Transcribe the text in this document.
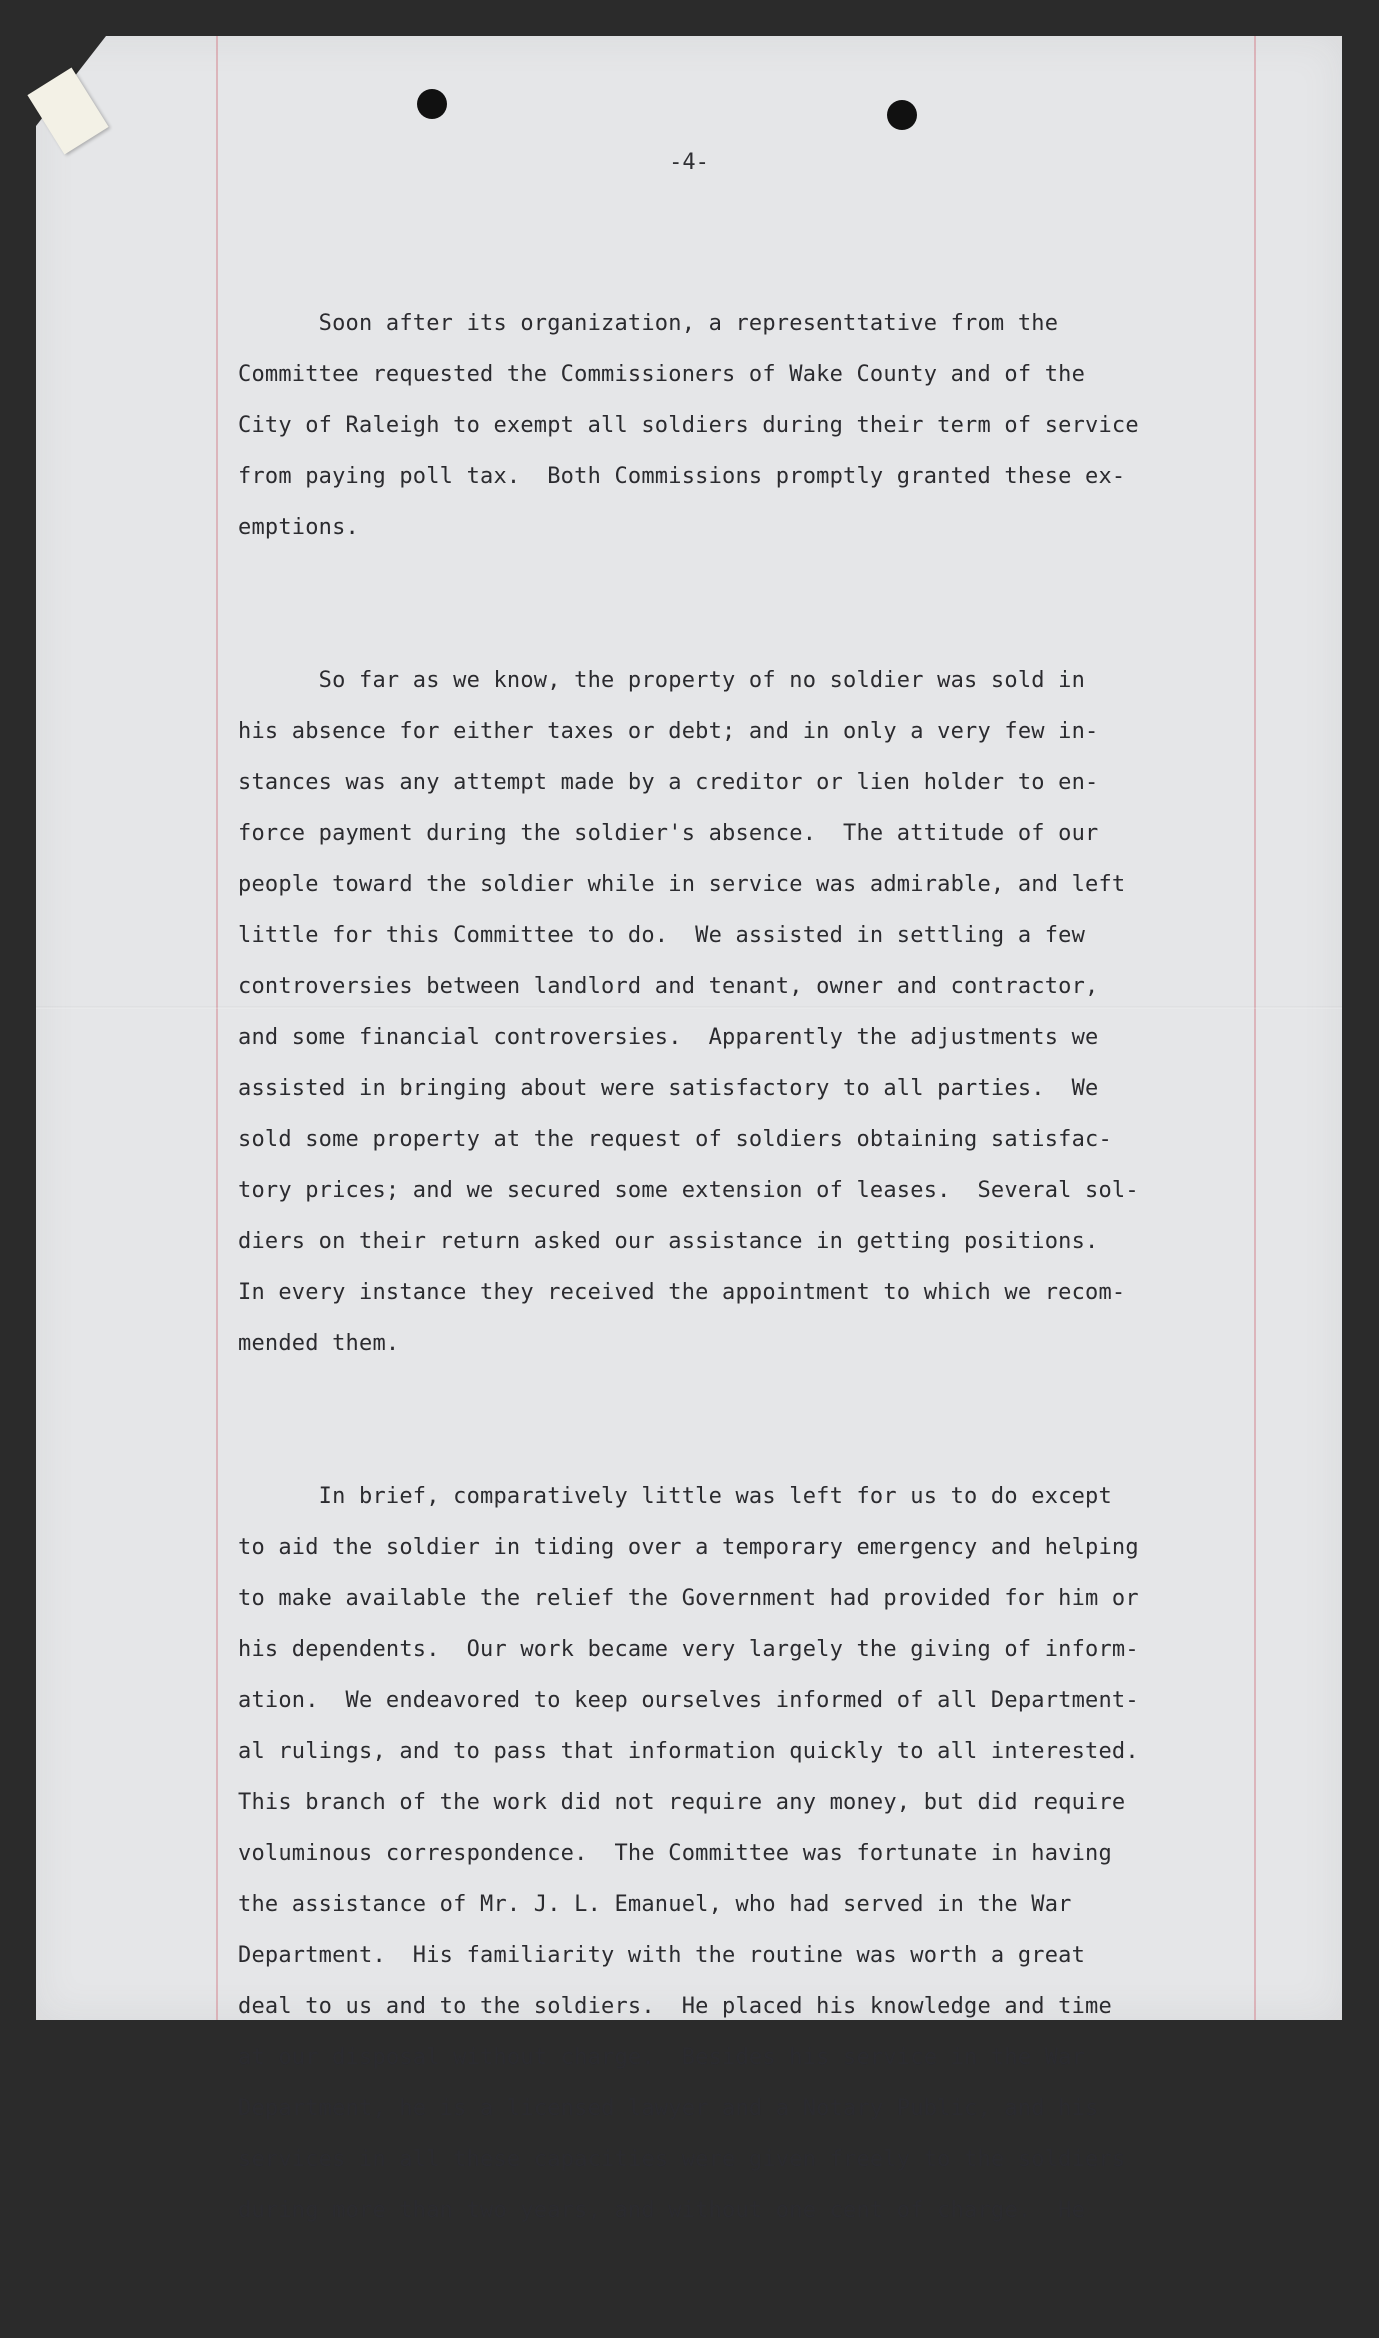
-4-

Soon after its organization, a representtative from the
Committee requested the Commissioners of Wake County and of the
City of Raleigh to exempt all soldiers during their term of service
from paying poll tax.  Both Commissions promptly granted these ex-
emptions.

So far as we know, the property of no soldier was sold in
his absence for either taxes or debt; and in only a very few in-
stances was any attempt made by a creditor or lien holder to en-
force payment during the soldier's absence.  The attitude of our
people toward the soldier while in service was admirable, and left
little for this Committee to do.  We assisted in settling a few
controversies between landlord and tenant, owner and contractor,
and some financial controversies.  Apparently the adjustments we
assisted in bringing about were satisfactory to all parties.  We
sold some property at the request of soldiers obtaining satisfac-
tory prices; and we secured some extension of leases.  Several sol-
diers on their return asked our assistance in getting positions.
In every instance they received the appointment to which we recom-
mended them.

In brief, comparatively little was left for us to do except
to aid the soldier in tiding over a temporary emergency and helping
to make available the relief the Government had provided for him or
his dependents.  Our work became very largely the giving of inform-
ation.  We endeavored to keep ourselves informed of all Department-
al rulings, and to pass that information quickly to all interested.
This branch of the work did not require any money, but did require
voluminous correspondence.  The Committee was fortunate in having
the assistance of Mr. J. L. Emanuel, who had served in the War
Department.  His familiarity with the routine was worth a great
deal to us and to the soldiers.  He placed his knowledge and time
at our disposal without charge.  Besides his service in the War
Department, he is a licensed lawyer and a Notary Public, and his
services in all these capacities were given freely to the soldiers
during more than two years, and without one cent of charge.  He
